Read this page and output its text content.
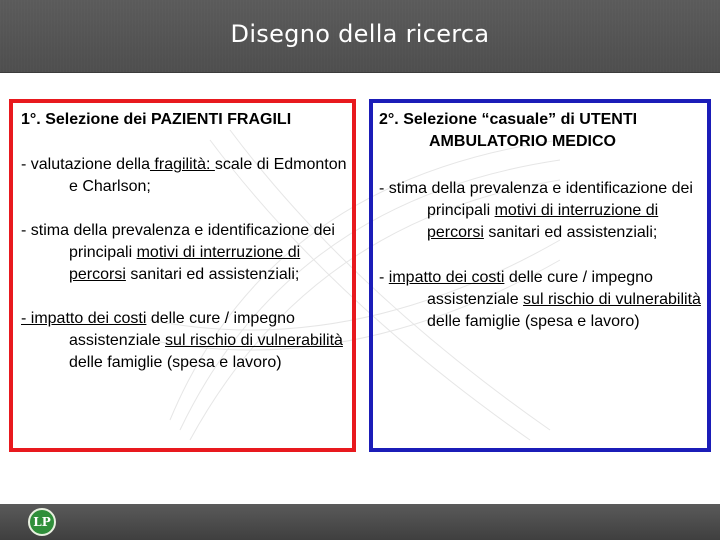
Disegno della ricerca
1°. Selezione dei PAZIENTI FRAGILI
- valutazione della fragilità: scale di Edmonton e Charlson;
- stima della prevalenza e identificazione dei principali motivi di interruzione di percorsi sanitari ed assistenziali;
- impatto dei costi delle cure / impegno assistenziale sul rischio di vulnerabilità delle famiglie (spesa e lavoro)
2°. Selezione “casuale” di UTENTI
AMBULATORIO MEDICO
- stima della prevalenza e identificazione dei principali motivi di interruzione di percorsi sanitari ed assistenziali;
- impatto dei costi delle cure / impegno assistenziale sul rischio di vulnerabilità delle famiglie (spesa e lavoro)
LP
